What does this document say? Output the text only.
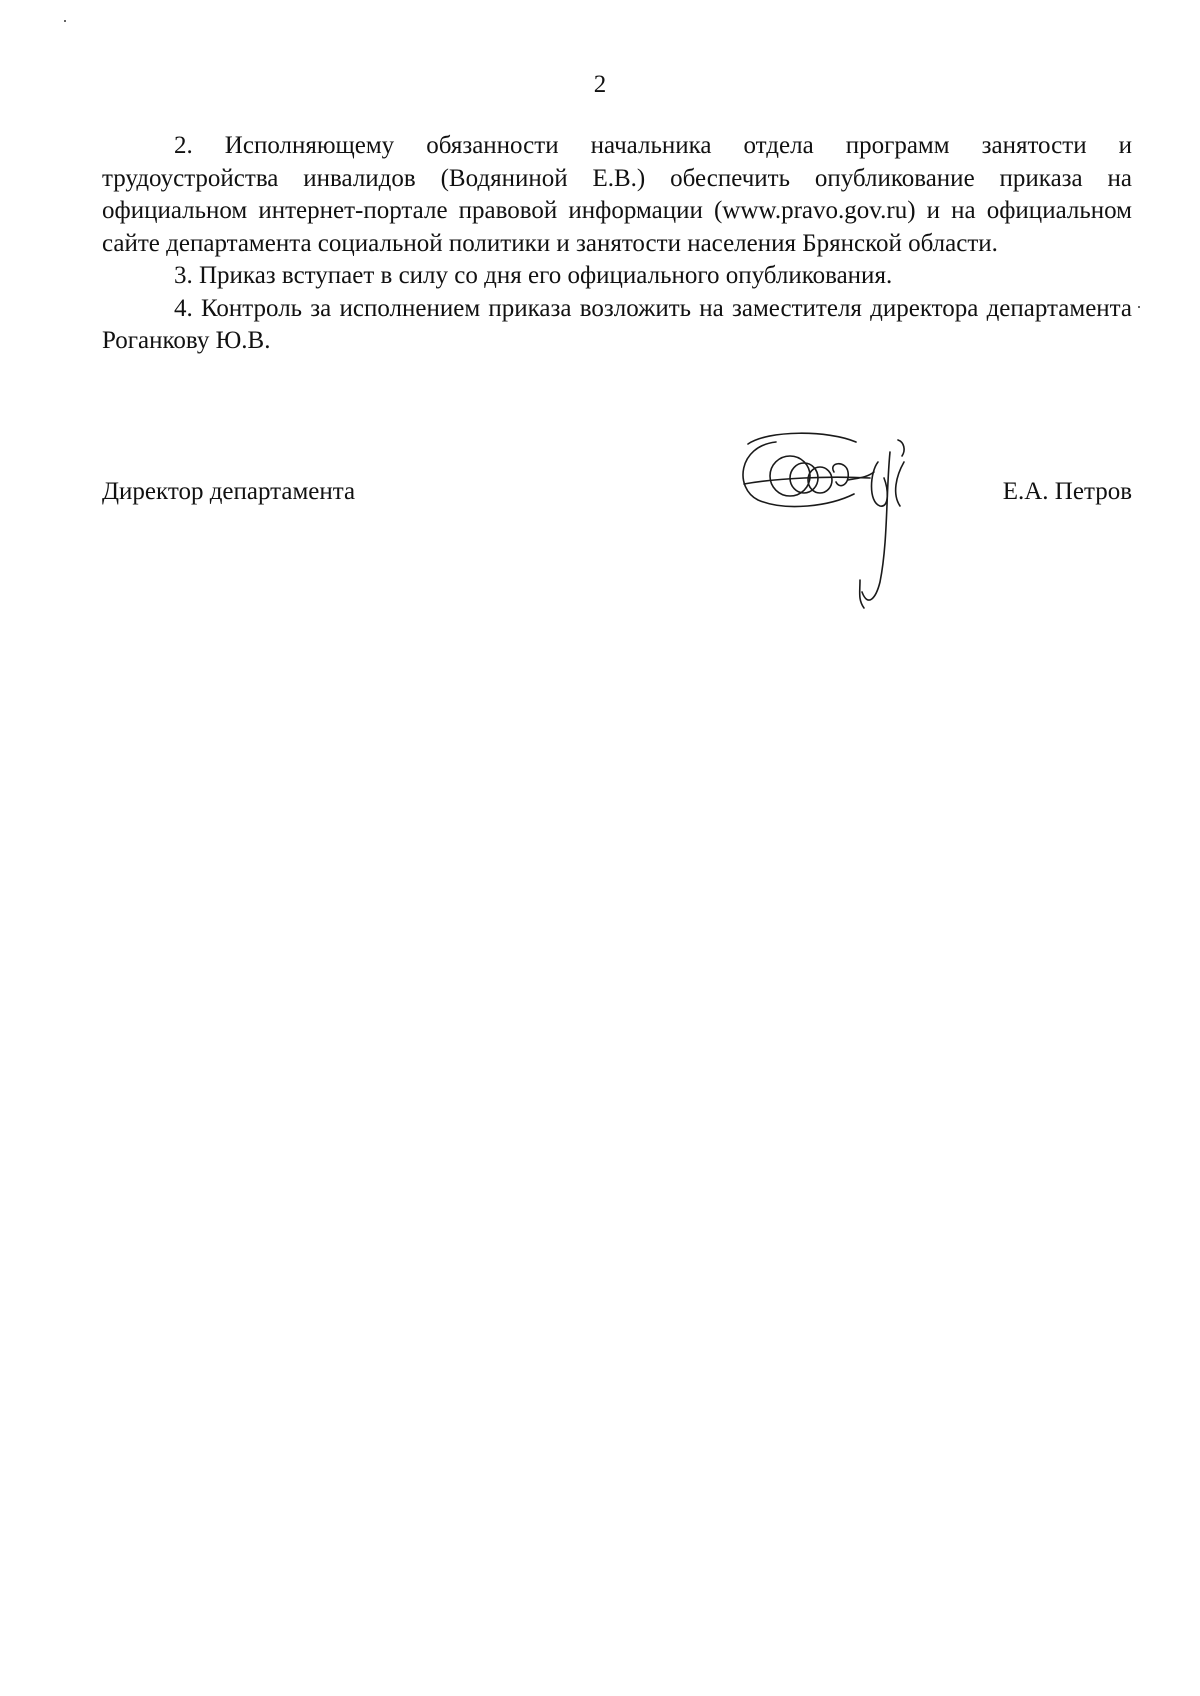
2

2. Исполняющему обязанности начальника отдела программ занятости и трудоустройства инвалидов (Водяниной Е.В.) обеспечить опубликование приказа на официальном интернет-портале правовой информации (www.pravo.gov.ru) и на официальном сайте департамента социальной политики и занятости населения Брянской области.

3. Приказ вступает в силу со дня его официального опубликования.

4. Контроль за исполнением приказа возложить на заместителя директора департамента Роганкову Ю.В.

Директор департамента	Е.А. Петров
